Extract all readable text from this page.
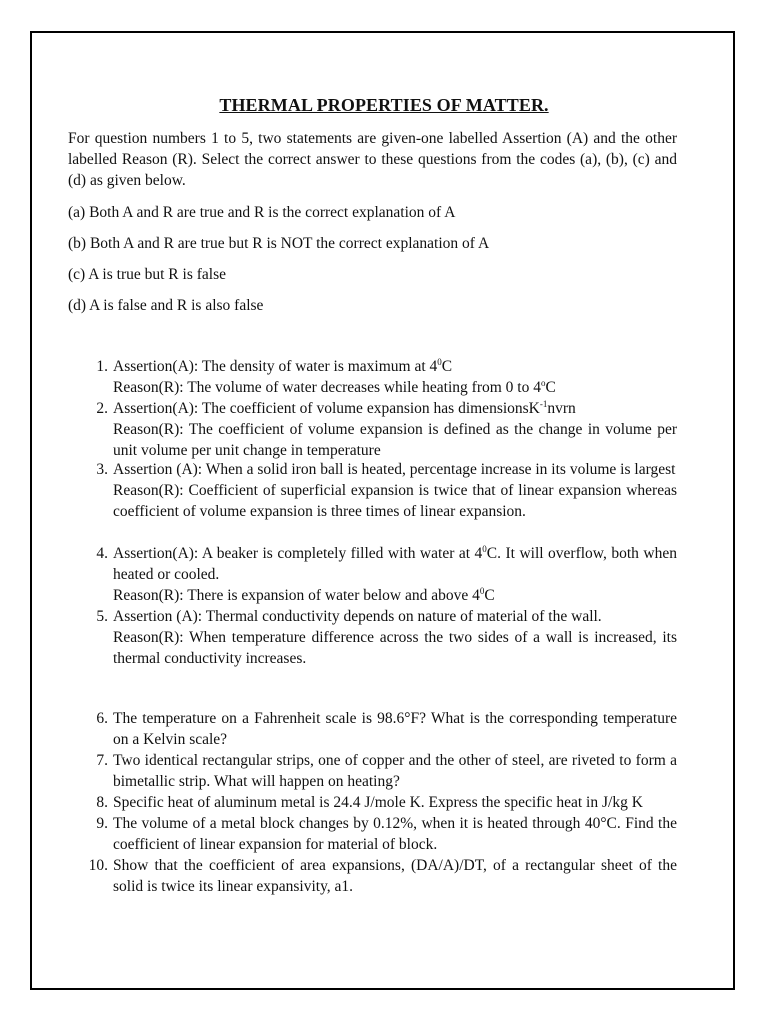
THERMAL PROPERTIES OF MATTER.
For question numbers 1 to 5, two statements are given-one labelled Assertion (A) and the other labelled Reason (R). Select the correct answer to these questions from the codes (a), (b), (c) and (d) as given below.
(a) Both A and R are true and R is the correct explanation of A
(b) Both A and R are true but R is NOT the correct explanation of A
(c) A is true but R is false
(d) A is false and R is also false
1. Assertion(A): The density of water is maximum at $4^0C$

Reason(R): The volume of water decreases while heating from 0 to 4$^o$C

2. Assertion(A): The coefficient of volume expansion has dimensionsK$^{-1}$nvrn

Reason(R): The coefficient of volume expansion is defined as the change in volume per unit volume per unit change in temperature

3. Assertion (A): When a solid iron ball is heated, percentage increase in its volume is largest

Reason(R): Coefficient of superficial expansion is twice that of linear expansion whereas coefficient of volume expansion is three times of linear expansion.

4. Assertion(A): A beaker is completely filled with water at $4^0C$. It will overflow, both when heated or cooled.

Reason(R): There is expansion of water below and above $4^0C$

5. Assertion (A): Thermal conductivity depends on nature of material of the wall.

Reason(R): When temperature difference across the two sides of a wall is increased, its thermal conductivity increases.

6. The temperature on a Fahrenheit scale is 98.6°F? What is the corresponding temperature on a Kelvin scale?

7. Two identical rectangular strips, one of copper and the other of steel, are riveted to form a bimetallic strip. What will happen on heating?

8. Specific heat of aluminum metal is 24.4 J/mole K. Express the specific heat in J/kg K

9. The volume of a metal block changes by 0.12%, when it is heated through 40°C. Find the coefficient of linear expansion for material of block.

10. Show that the coefficient of area expansions, (DA/A)/DT, of a rectangular sheet of the solid is twice its linear expansivity, a1.
